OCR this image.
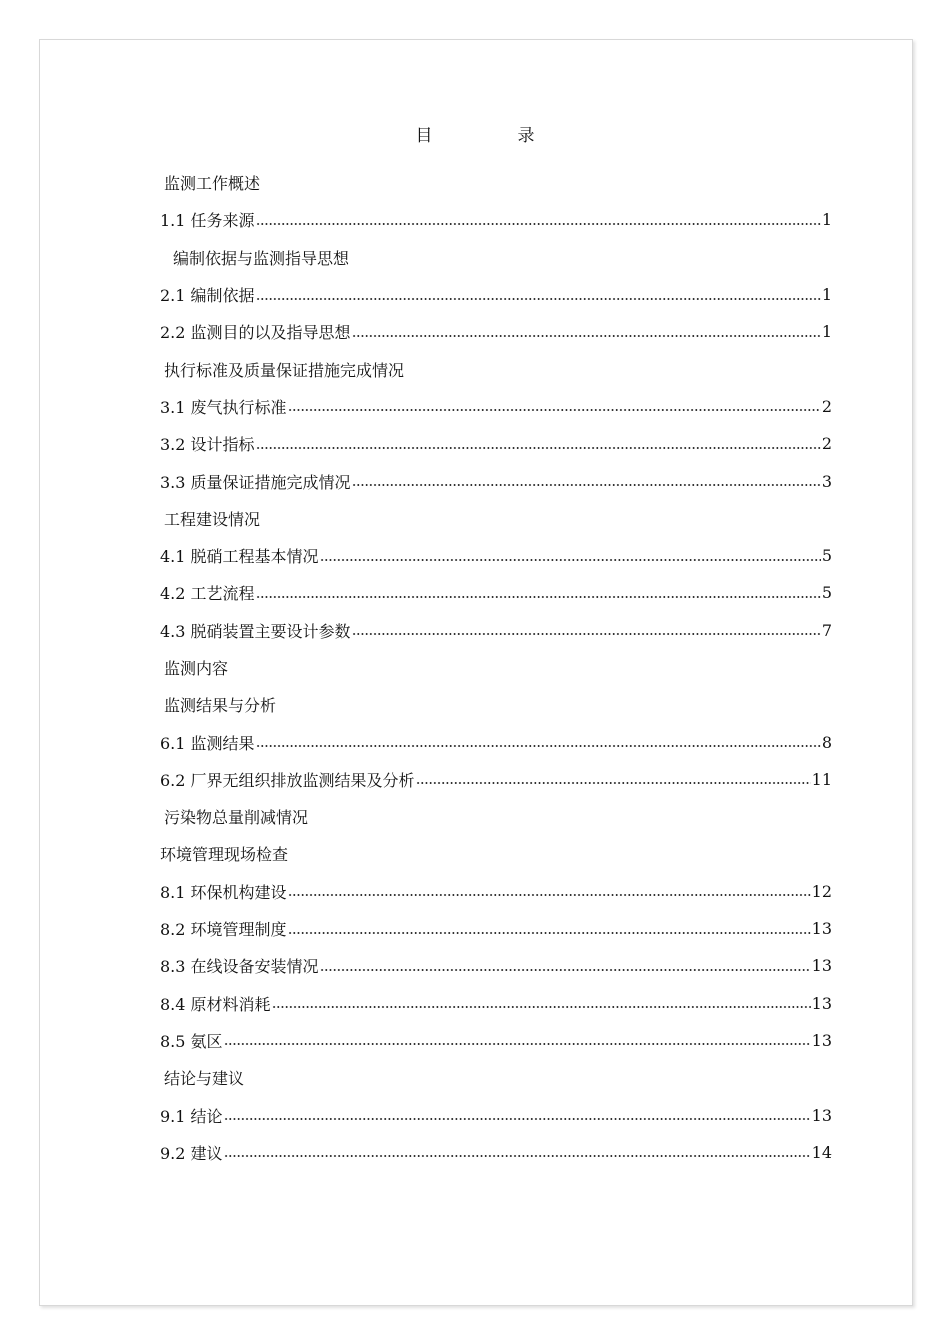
目　录
监测工作概述
1.1 任务来源	1
编制依据与监测指导思想
2.1 编制依据	1
2.2 监测目的以及指导思想	1
执行标准及质量保证措施完成情况
3.1 废气执行标准	2
3.2 设计指标	2
3.3 质量保证措施完成情况	3
工程建设情况
4.1 脱硝工程基本情况	5
4.2 工艺流程	5
4.3 脱硝装置主要设计参数	7
监测内容
监测结果与分析
6.1 监测结果	8
6.2 厂界无组织排放监测结果及分析	11
污染物总量削减情况
环境管理现场检查
8.1 环保机构建设	12
8.2 环境管理制度	13
8.3 在线设备安装情况	13
8.4 原材料消耗	13
8.5 氨区	13
结论与建议
9.1 结论	13
9.2 建议	14
